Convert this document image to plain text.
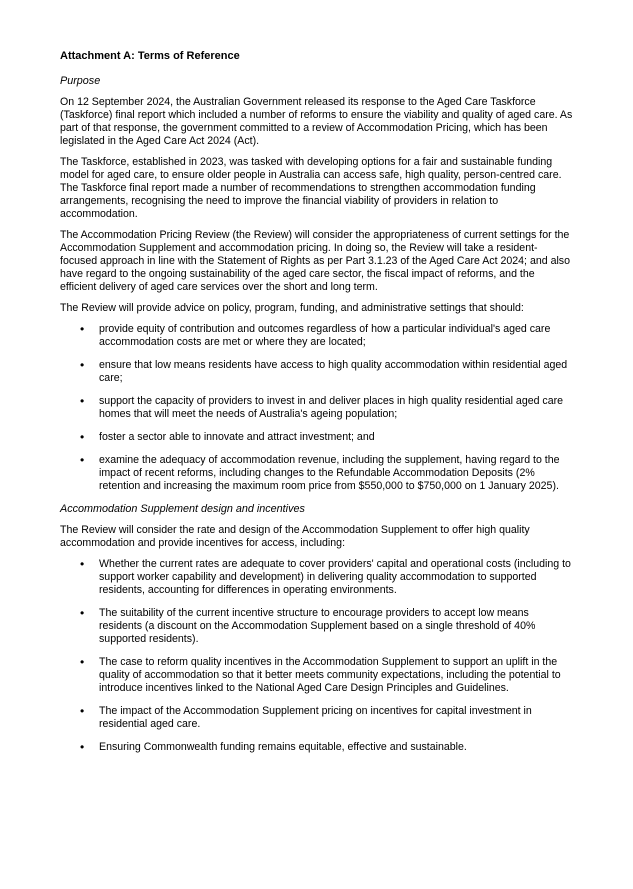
Attachment A: Terms of Reference
Purpose

On 12 September 2024, the Australian Government released its response to the Aged Care Taskforce (Taskforce) final report which included a number of reforms to ensure the viability and quality of aged care. As part of that response, the government committed to a review of Accommodation Pricing, which has been legislated in the Aged Care Act 2024 (Act).

The Taskforce, established in 2023, was tasked with developing options for a fair and sustainable funding model for aged care, to ensure older people in Australia can access safe, high quality, person-centred care. The Taskforce final report made a number of recommendations to strengthen accommodation funding arrangements, recognising the need to improve the financial viability of providers in relation to accommodation.

The Accommodation Pricing Review (the Review) will consider the appropriateness of current settings for the Accommodation Supplement and accommodation pricing. In doing so, the Review will take a resident-focused approach in line with the Statement of Rights as per Part 3.1.23 of the Aged Care Act 2024; and also have regard to the ongoing sustainability of the aged care sector, the fiscal impact of reforms, and the efficient delivery of aged care services over the short and long term.

The Review will provide advice on policy, program, funding, and administrative settings that should:

• provide equity of contribution and outcomes regardless of how a particular individual's aged care accommodation costs are met or where they are located;
• ensure that low means residents have access to high quality accommodation within residential aged care;
• support the capacity of providers to invest in and deliver places in high quality residential aged care homes that will meet the needs of Australia's ageing population;
• foster a sector able to innovate and attract investment; and
• examine the adequacy of accommodation revenue, including the supplement, having regard to the impact of recent reforms, including changes to the Refundable Accommodation Deposits (2% retention and increasing the maximum room price from $550,000 to $750,000 on 1 January 2025).
Accommodation Supplement design and incentives

The Review will consider the rate and design of the Accommodation Supplement to offer high quality accommodation and provide incentives for access, including:

• Whether the current rates are adequate to cover providers' capital and operational costs (including to support worker capability and development) in delivering quality accommodation to supported residents, accounting for differences in operating environments.
• The suitability of the current incentive structure to encourage providers to accept low means residents (a discount on the Accommodation Supplement based on a single threshold of 40% supported residents).
• The case to reform quality incentives in the Accommodation Supplement to support an uplift in the quality of accommodation so that it better meets community expectations, including the potential to introduce incentives linked to the National Aged Care Design Principles and Guidelines.
• The impact of the Accommodation Supplement pricing on incentives for capital investment in residential aged care.
• Ensuring Commonwealth funding remains equitable, effective and sustainable.
